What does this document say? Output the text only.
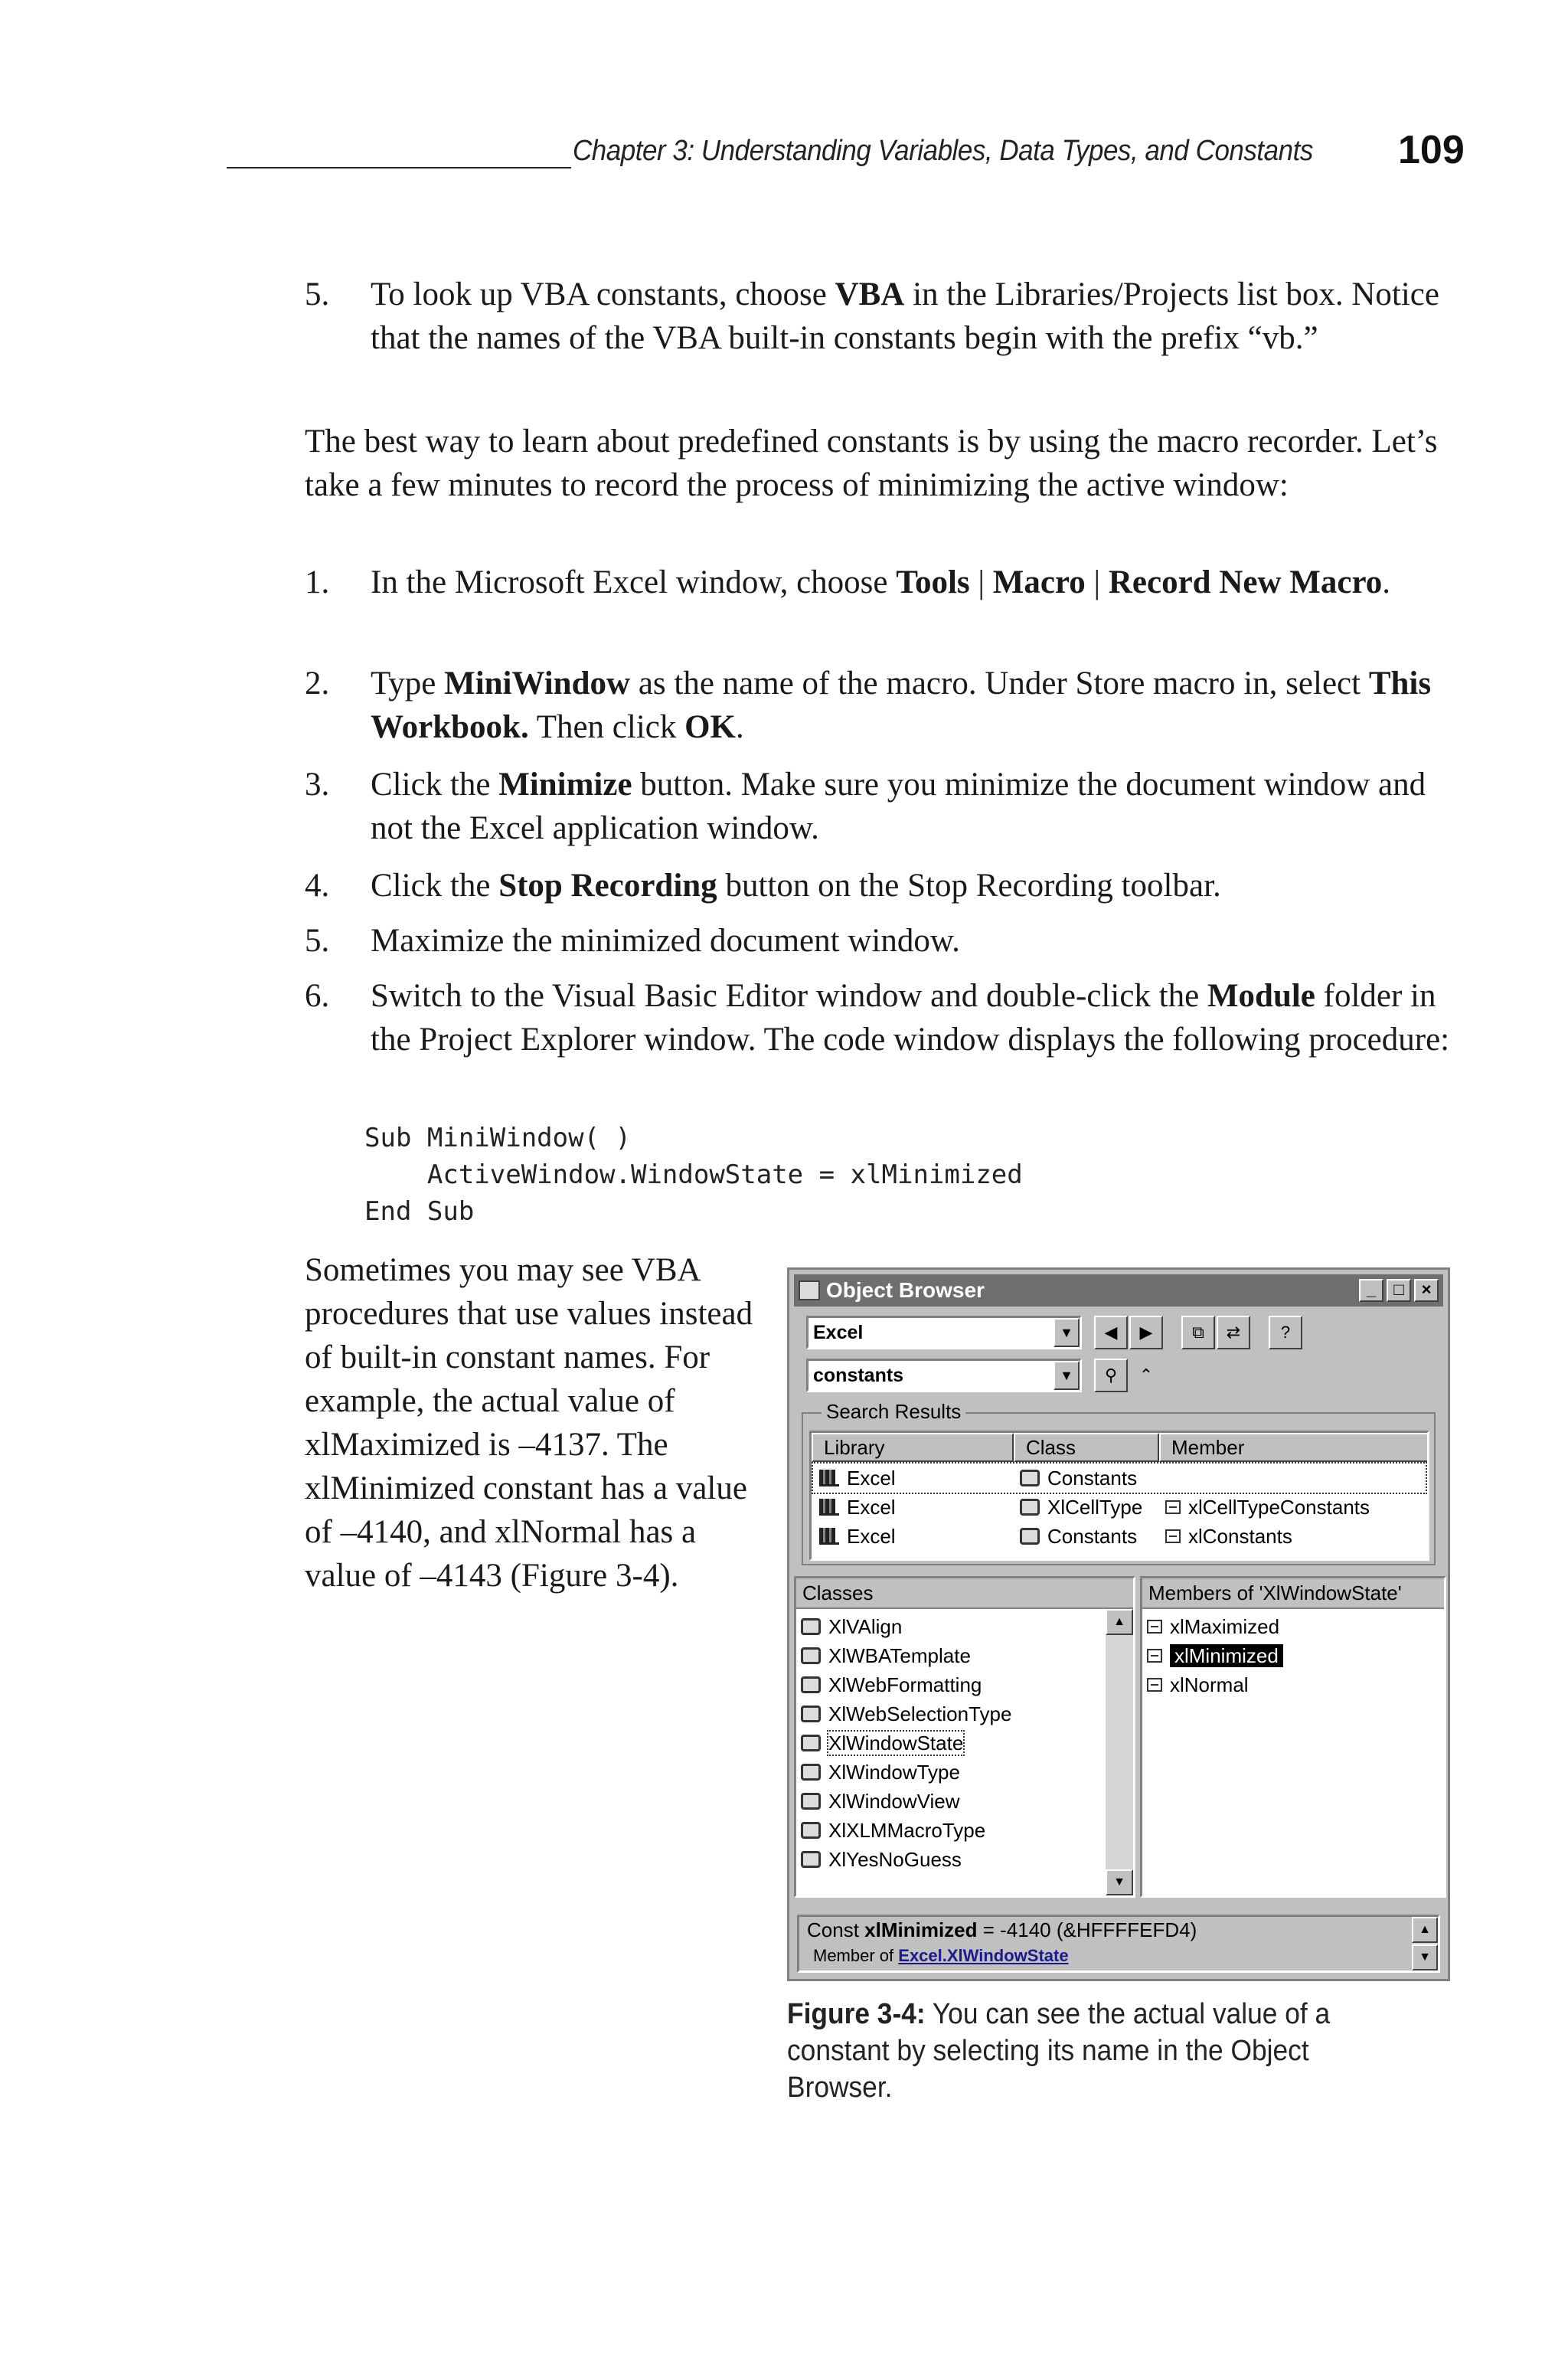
Chapter 3: Understanding Variables, Data Types, and Constants 109
5.	To look up VBA constants, choose VBA in the Libraries/Projects list box. Notice that the names of the VBA built-in constants begin with the prefix “vb.”

The best way to learn about predefined constants is by using the macro recorder. Let’s take a few minutes to record the process of minimizing the active window:

1.	In the Microsoft Excel window, choose Tools | Macro | Record New Macro.
2.	Type MiniWindow as the name of the macro. Under Store macro in, select This Workbook. Then click OK.
3.	Click the Minimize button. Make sure you minimize the document window and not the Excel application window.
4.	Click the Stop Recording button on the Stop Recording toolbar.
5.	Maximize the minimized document window.
6.	Switch to the Visual Basic Editor window and double-click the Module folder in the Project Explorer window. The code window displays the following procedure:
Sub MiniWindow( )
ActiveWindow.WindowState = xlMinimized
End Sub

Sometimes you may see VBA procedures that use values instead of built-in constant names. For example, the actual value of xlMaximized is –4137. The xlMinimized constant has a value of –4140, and xlNormal has a value of –4143 (Figure 3-4).

Object Browser	_	□	×
Excel	▼	◀	▶	⧉	⇄	?
constants	▼	⚲	⌃
Search Results
Library	Class	Member
Excel	Constants
Excel	XlCellType	xlCellTypeConstants
Excel	Constants	xlConstants
Classes
XlVAlign
XlWBATemplate
XlWebFormatting
XlWebSelectionType
XlWindowState
XlWindowType
XlWindowView
XlXLMMacroType
XlYesNoGuess
▲
▼
Members of 'XlWindowState'
xlMaximized
xlMinimized
xlNormal
Const xlMinimized = -4140 (&HFFFFEFD4)
Member of Excel.XlWindowState
▲
▼

Figure 3-4: You can see the actual value of a constant by selecting its name in the Object Browser.
